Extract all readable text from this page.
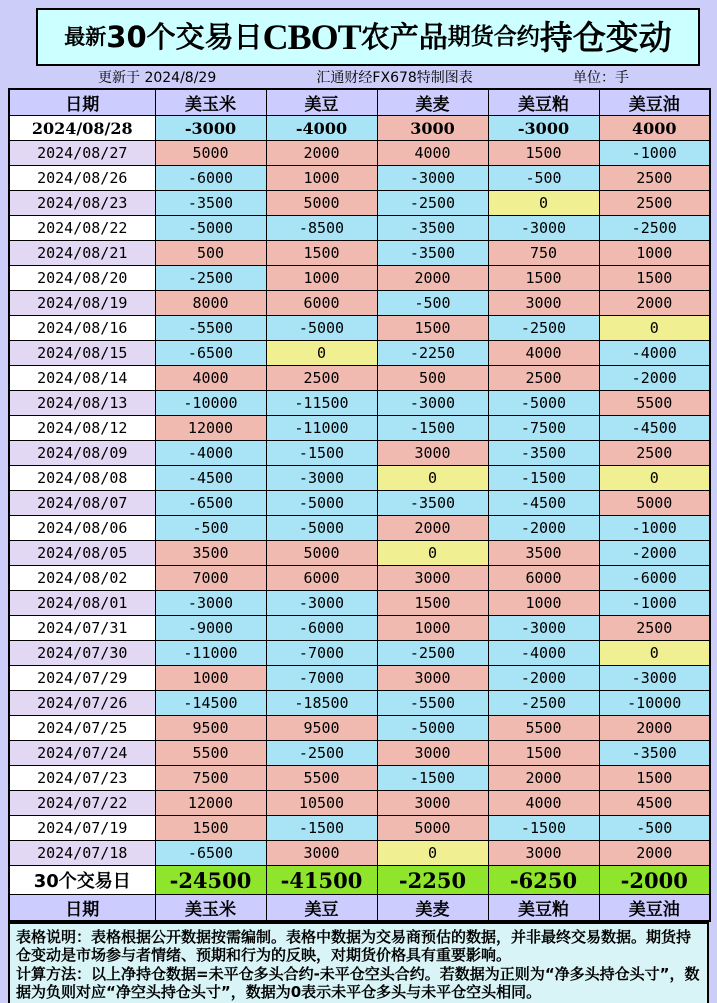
最新 30个交易日 CBOT 农产品 期货合约 持仓变动
更新于 2024/8/29	汇通财经FX678特制图表	单位：手
日期	美玉米	美豆	美麦	美豆粕	美豆油
2024/08/28	-3000	-4000	3000	-3000	4000
2024/08/27	5000	2000	4000	1500	-1000
2024/08/26	-6000	1000	-3000	-500	2500
2024/08/23	-3500	5000	-2500	0	2500
2024/08/22	-5000	-8500	-3500	-3000	-2500
2024/08/21	500	1500	-3500	750	1000
2024/08/20	-2500	1000	2000	1500	1500
2024/08/19	8000	6000	-500	3000	2000
2024/08/16	-5500	-5000	1500	-2500	0
2024/08/15	-6500	0	-2250	4000	-4000
2024/08/14	4000	2500	500	2500	-2000
2024/08/13	-10000	-11500	-3000	-5000	5500
2024/08/12	12000	-11000	-1500	-7500	-4500
2024/08/09	-4000	-1500	3000	-3500	2500
2024/08/08	-4500	-3000	0	-1500	0
2024/08/07	-6500	-5000	-3500	-4500	5000
2024/08/06	-500	-5000	2000	-2000	-1000
2024/08/05	3500	5000	0	3500	-2000
2024/08/02	7000	6000	3000	6000	-6000
2024/08/01	-3000	-3000	1500	1000	-1000
2024/07/31	-9000	-6000	1000	-3000	2500
2024/07/30	-11000	-7000	-2500	-4000	0
2024/07/29	1000	-7000	3000	-2000	-3000
2024/07/26	-14500	-18500	-5500	-2500	-10000
2024/07/25	9500	9500	-5000	5500	2000
2024/07/24	5500	-2500	3000	1500	-3500
2024/07/23	7500	5500	-1500	2000	1500
2024/07/22	12000	10500	3000	4000	4500
2024/07/19	1500	-1500	5000	-1500	-500
2024/07/18	-6500	3000	0	3000	2000
30个交易日	-24500	-41500	-2250	-6250	-2000
日期	美玉米	美豆	美麦	美豆粕	美豆油

表格说明：表格根据公开数据按需编制。表格中数据为交易商预估的数据，并非最终交易数据。期货持仓变动是市场参与者情绪、预期和行为的反映，对期货价格具有重要影响。

计算方法：以上净持仓数据=未平仓多头合约-未平仓空头合约。若数据为正则为“净多头持仓头寸”，数据为负则对应“净空头持仓头寸”，数据为0表示未平仓多头与未平仓空头相同。
